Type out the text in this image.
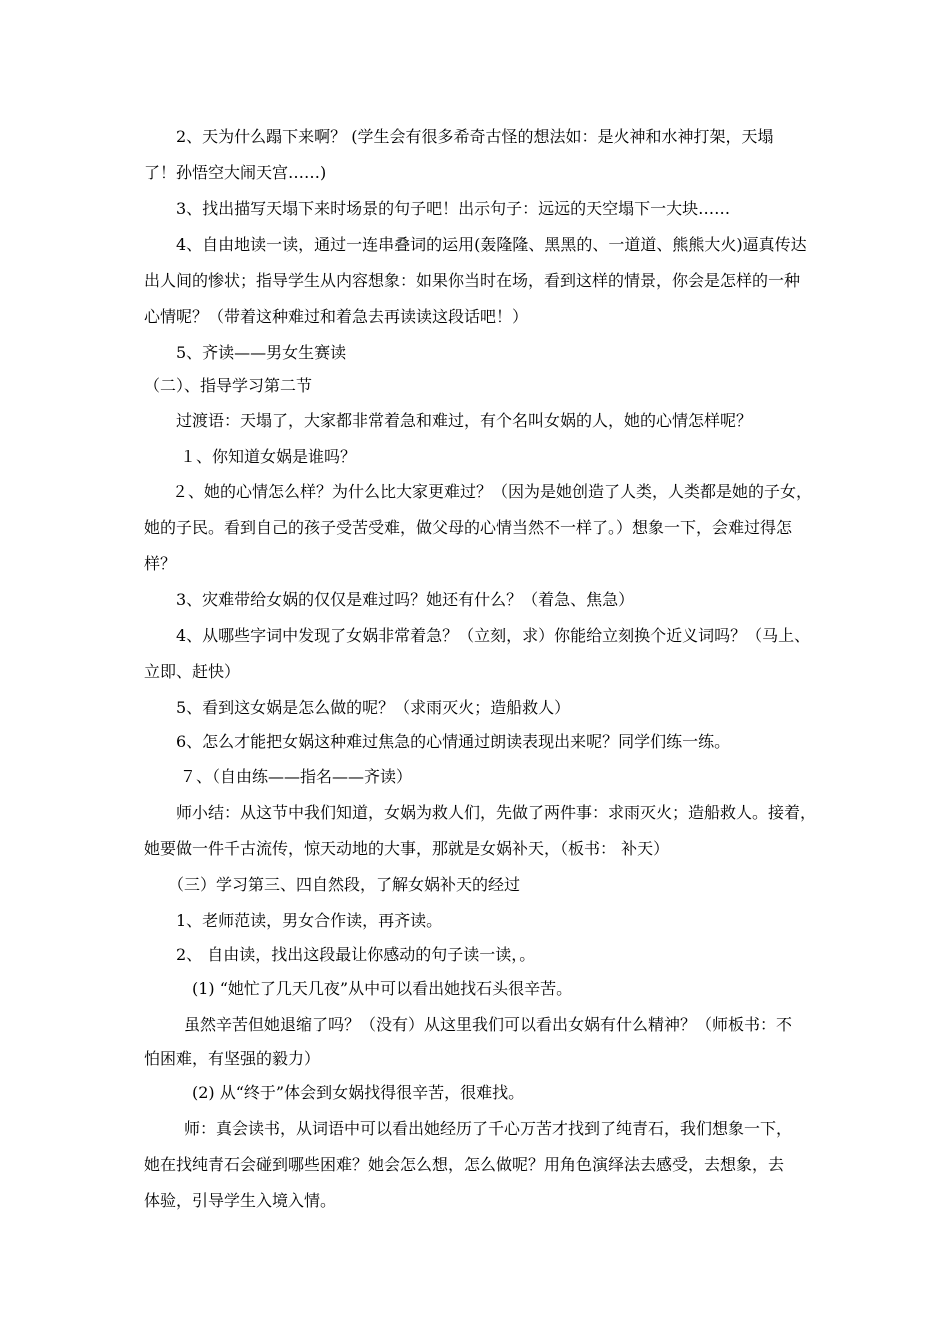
2、天为什么蹋下来啊？ (学生会有很多希奇古怪的想法如：是火神和水神打架，天塌
了！孙悟空大闹天宫……)
3、找出描写天塌下来时场景的句子吧！出示句子：远远的天空塌下一大块……
4、自由地读一读，通过一连串叠词的运用(轰隆隆、黑黑的、一道道、熊熊大火)逼真传达
出人间的惨状；指导学生从内容想象：如果你当时在场，看到这样的情景，你会是怎样的一种
心情呢？（带着这种难过和着急去再读读这段话吧！）
5、齐读——男女生赛读
（二）、指导学习第二节
过渡语：天塌了，大家都非常着急和难过，有个名叫女娲的人，她的心情怎样呢？
１、你知道女娲是谁吗？
２、她的心情怎么样？为什么比大家更难过？（因为是她创造了人类，人类都是她的子女，
她的子民。看到自己的孩子受苦受难，做父母的心情当然不一样了。）想象一下，会难过得怎
样？
3、灾难带给女娲的仅仅是难过吗？她还有什么？（着急、焦急）
4、从哪些字词中发现了女娲非常着急？（立刻，求）你能给立刻换个近义词吗？（马上、
立即、赶快）
5、看到这女娲是怎么做的呢？（求雨灭火；造船救人）
6、怎么才能把女娲这种难过焦急的心情通过朗读表现出来呢？同学们练一练。
７、（自由练——指名——齐读）
师小结：从这节中我们知道，女娲为救人们，先做了两件事：求雨灭火；造船救人。接着，
她要做一件千古流传，惊天动地的大事，那就是女娲补天，（板书： 补天）
（三）学习第三、四自然段，了解女娲补天的经过
1、老师范读，男女合作读，再齐读。
2、 自由读，找出这段最让你感动的句子读一读，。
(1) “她忙了几天几夜”从中可以看出她找石头很辛苦。
虽然辛苦但她退缩了吗？（没有）从这里我们可以看出女娲有什么精神？（师板书：不
怕困难，有坚强的毅力）
(2) 从“终于”体会到女娲找得很辛苦，很难找。
师：真会读书，从词语中可以看出她经历了千心万苦才找到了纯青石，我们想象一下，
她在找纯青石会碰到哪些困难？她会怎么想，怎么做呢？用角色演绎法去感受，去想象，去
体验，引导学生入境入情。
